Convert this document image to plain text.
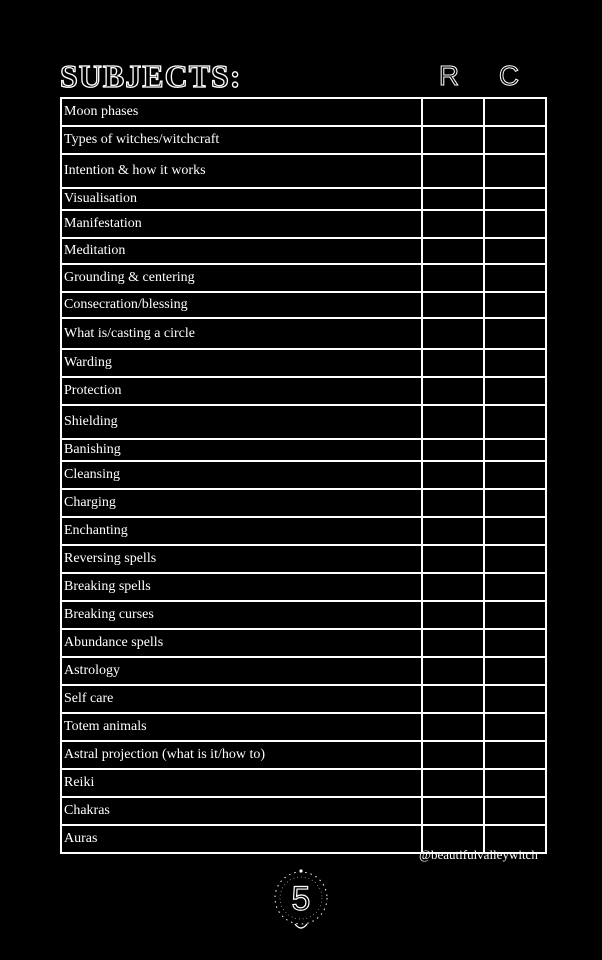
SUBJECTS:	R	C
Moon phases		
Types of witches/witchcraft		
Intention & how it works		
Visualisation		
Manifestation		
Meditation		
Grounding & centering		
Consecration/blessing		
What is/casting a circle		
Warding		
Protection		
Shielding		
Banishing		
Cleansing		
Charging		
Enchanting		
Reversing spells		
Breaking spells		
Breaking curses		
Abundance spells		
Astrology		
Self care		
Totem animals		
Astral projection (what is it/how to)		
Reiki		
Chakras		
Auras		
@beautifulvalleywitch
5
